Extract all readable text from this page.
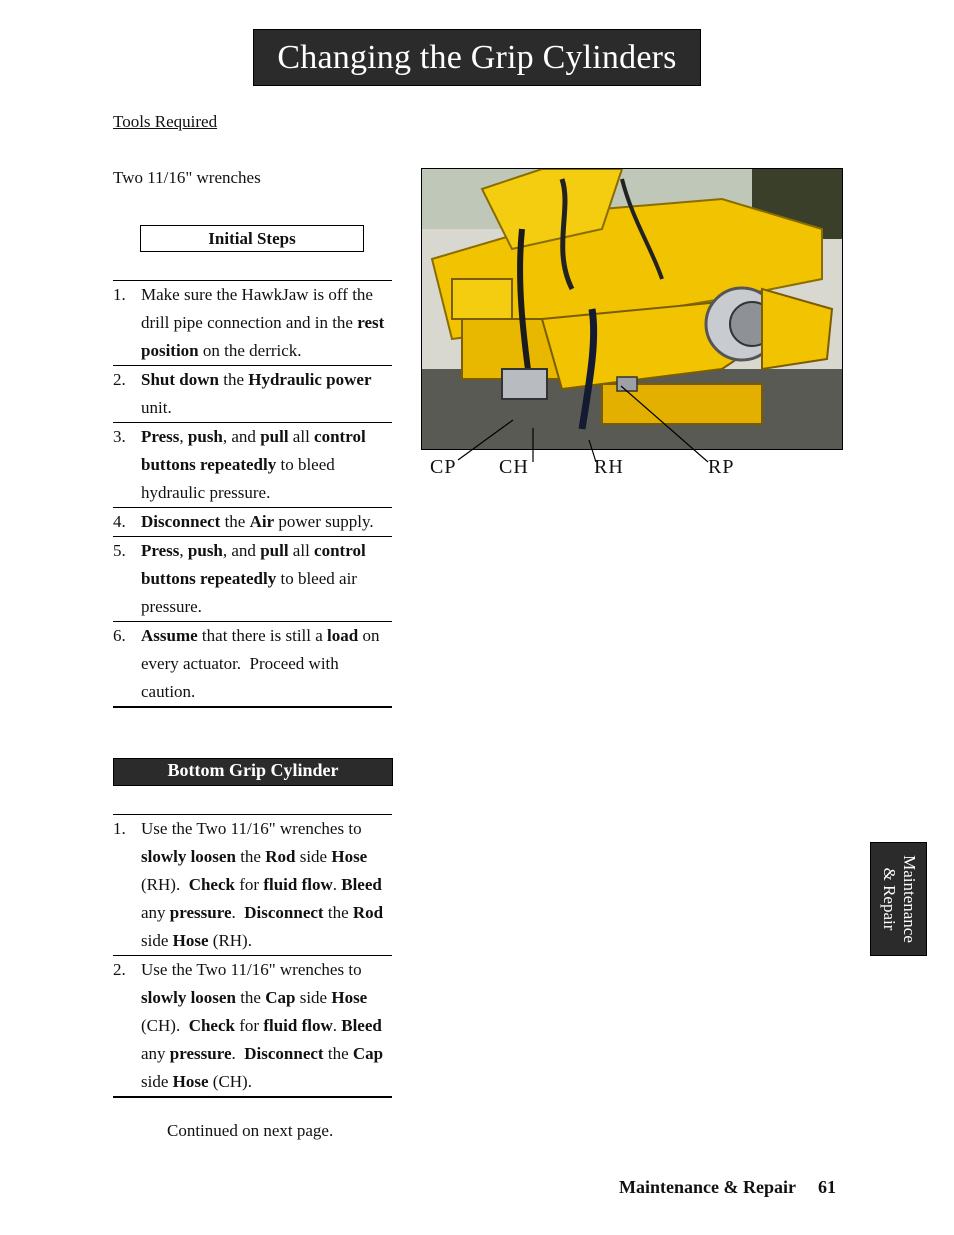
Changing the Grip Cylinders
Tools Required
Two 11/16" wrenches
Initial Steps
1. Make sure the HawkJaw is off the drill pipe connection and in the rest position on the derrick.
2. Shut down the Hydraulic power unit.
3. Press, push, and pull all control buttons repeatedly to bleed hydraulic pressure.
4. Disconnect the Air power supply.
5. Press, push, and pull all control buttons repeatedly to bleed air pressure.
6. Assume that there is still a load on every actuator.  Proceed with caution.
Bottom Grip Cylinder
1. Use the Two 11/16" wrenches to slowly loosen the Rod side Hose (RH).  Check for fluid flow. Bleed any pressure.  Disconnect the Rod side Hose (RH).
2. Use the Two 11/16" wrenches to slowly loosen the Cap side Hose (CH).  Check for fluid flow. Bleed any pressure.  Disconnect the Cap side Hose (CH).
CP CH	RH	RP
Continued on next page.
Maintenance
& Repair
Maintenance & Repair 61
